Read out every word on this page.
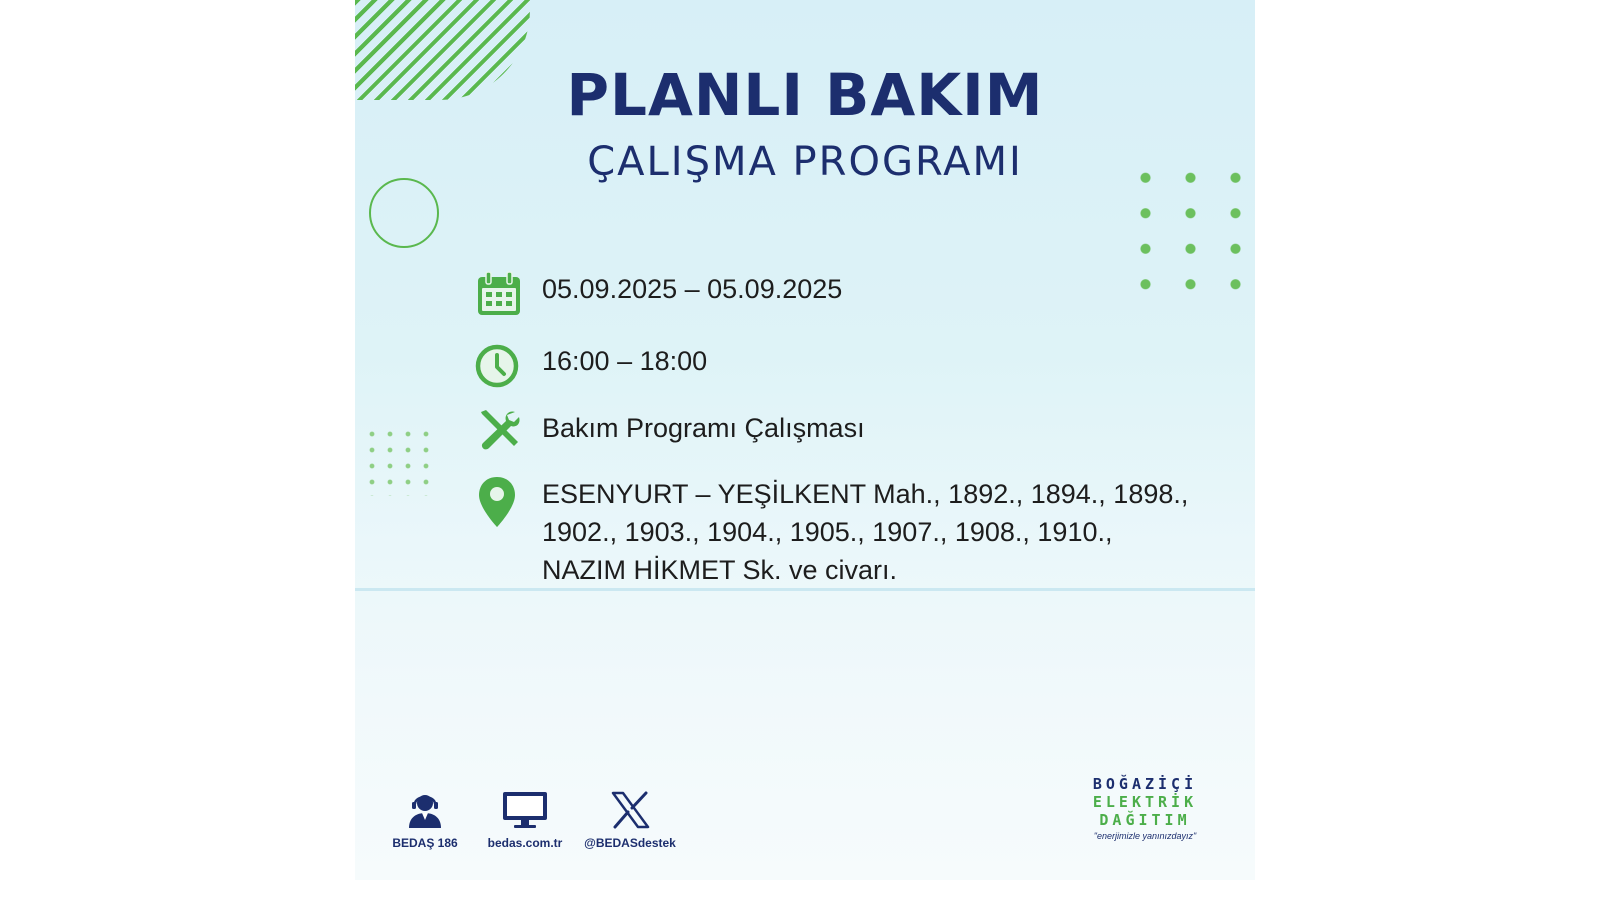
PLANLI BAKIM
ÇALIŞMA PROGRAMI
05.09.2025 – 05.09.2025
16:00 – 18:00
Bakım Programı Çalışması
ESENYURT – YEŞİLKENT Mah., 1892., 1894., 1898.,
1902., 1903., 1904., 1905., 1907., 1908., 1910.,
NAZIM HİKMET Sk. ve civarı.
BEDAŞ 186	bedas.com.tr	@BEDASdestek
BOĞAZİÇİ
ELEKTRİK
DAĞITIM
"enerjimizle yanınızdayız"
